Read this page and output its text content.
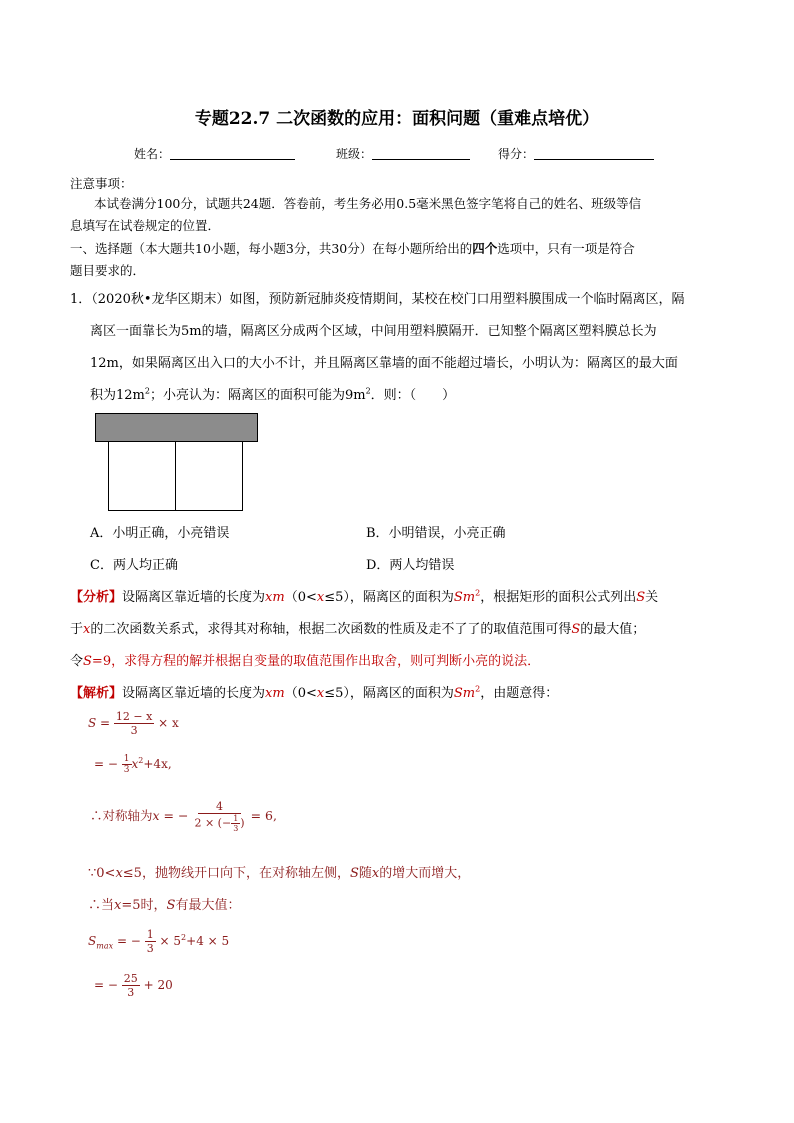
专题22.7 二次函数的应用：面积问题（重难点培优）
姓名：	班级：	得分：
注意事项：
本试卷满分100分，试题共24题．答卷前，考生务必用0.5毫米黑色签字笔将自己的姓名、班级等信
息填写在试卷规定的位置．
一、选择题（本大题共10小题，每小题3分，共30分）在每小题所给出的四个选项中，只有一项是符合
题目要求的．
1．（2020秋•龙华区期末）如图，预防新冠肺炎疫情期间，某校在校门口用塑料膜围成一个临时隔离区，隔
离区一面靠长为5m的墙，隔离区分成两个区域，中间用塑料膜隔开．已知整个隔离区塑料膜总长为
12m，如果隔离区出入口的大小不计，并且隔离区靠墙的面不能超过墙长，小明认为：隔离区的最大面
积为$12m^2$；小亮认为：隔离区的面积可能为$9m^2$．则：（　　）
A．小明正确，小亮错误	B．小明错误，小亮正确
C．两人均正确	D．两人均错误
【分析】设隔离区靠近墙的长度为xm（0<x≤5），隔离区的面积为Sm$^2$，根据矩形的面积公式列出S关
于x的二次函数关系式，求得其对称轴，根据二次函数的性质及走不了了的取值范围可得S的最大值；
令S=9，求得方程的解并根据自变量的取值范围作出取舍，则可判断小亮的说法．
【解析】设隔离区靠近墙的长度为xm（0<x≤5），隔离区的面积为Sm$^2$，由题意得：
$S = \frac{12 - x}{3} \times x$
= − $\frac{1}{3} x^2+4x$,
∴对称轴为x = − $\frac{4}{2 \times (- \frac{1}{3} )} = 6$,
∵0<x≤5，抛物线开口向下，在对称轴左侧，S随x的增大而增大，
∴当x=5时，S有最大值：
$S_{max}$ = − $\frac{1}{3} \times 5^2+4 \times 5$
= − $\frac{25}{3} + 20$
